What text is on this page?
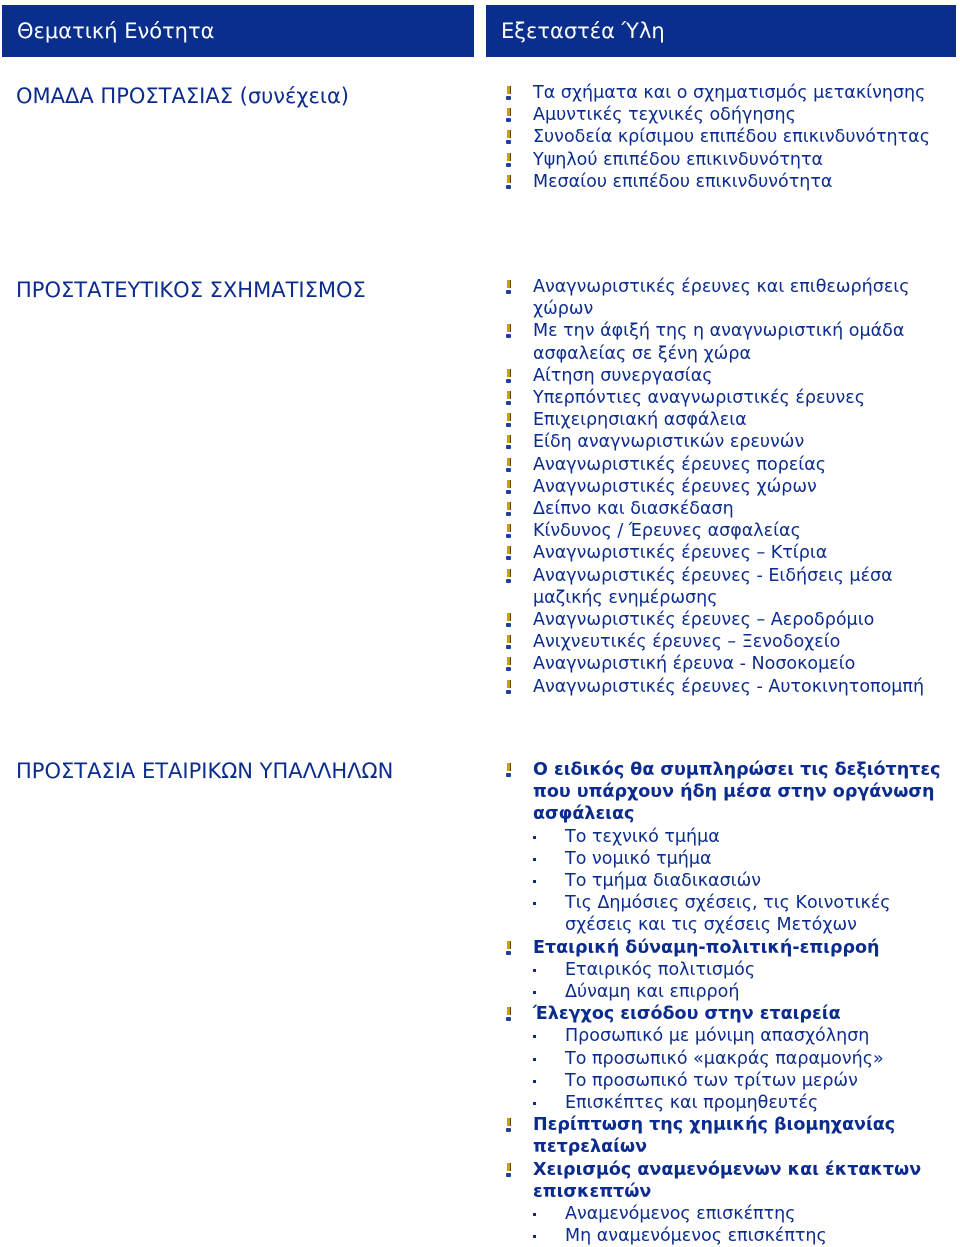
Θεματική Ενότητα	Εξεταστέα Ύλη
ΟΜΑΔΑ ΠΡΟΣΤΑΣΙΑΣ (συνέχεια)	Τα σχήματα και ο σχηματισμός μετακίνησης
Αμυντικές τεχνικές οδήγησης
Συνοδεία κρίσιμου επιπέδου επικινδυνότητας
Υψηλού επιπέδου επικινδυνότητα
Μεσαίου επιπέδου επικινδυνότητα
ΠΡΟΣΤΑΤΕΥΤΙΚΟΣ ΣΧΗΜΑΤΙΣΜΟΣ	Αναγνωριστικές έρευνες και επιθεωρήσεις χώρων
Με την άφιξή της η αναγνωριστική ομάδα ασφαλείας σε ξένη χώρα
Αίτηση συνεργασίας
Υπερπόντιες αναγνωριστικές έρευνες
Επιχειρησιακή ασφάλεια
Είδη αναγνωριστικών ερευνών
Αναγνωριστικές έρευνες πορείας
Αναγνωριστικές έρευνες χώρων
Δείπνο και διασκέδαση
Κίνδυνος / Έρευνες ασφαλείας
Αναγνωριστικές έρευνες – Κτίρια
Αναγνωριστικές έρευνες - Ειδήσεις μέσα μαζικής ενημέρωσης
Αναγνωριστικές έρευνες – Αεροδρόμιο
Ανιχνευτικές έρευνες – Ξενοδοχείο
Αναγνωριστική έρευνα - Νοσοκομείο
Αναγνωριστικές έρευνες - Αυτοκινητοπομπή
ΠΡΟΣΤΑΣΙΑ ΕΤΑΙΡΙΚΩΝ ΥΠΑΛΛΗΛΩΝ	Ο ειδικός θα συμπληρώσει τις δεξιότητες που υπάρχουν ήδη μέσα στην οργάνωση ασφάλειας
Το τεχνικό τμήμα
Το νομικό τμήμα
Το τμήμα διαδικασιών
Τις Δημόσιες σχέσεις, τις Κοινοτικές σχέσεις και τις σχέσεις Μετόχων
Εταιρική δύναμη-πολιτική-επιρροή
Εταιρικός πολιτισμός
Δύναμη και επιρροή
Έλεγχος εισόδου στην εταιρεία
Προσωπικό με μόνιμη απασχόληση
Το προσωπικό «μακράς παραμονής»
Το προσωπικό των τρίτων μερών
Επισκέπτες και προμηθευτές
Περίπτωση της χημικής βιομηχανίας πετρελαίων
Χειρισμός αναμενόμενων και έκτακτων επισκεπτών
Αναμενόμενος επισκέπτης
Μη αναμενόμενος επισκέπτης
